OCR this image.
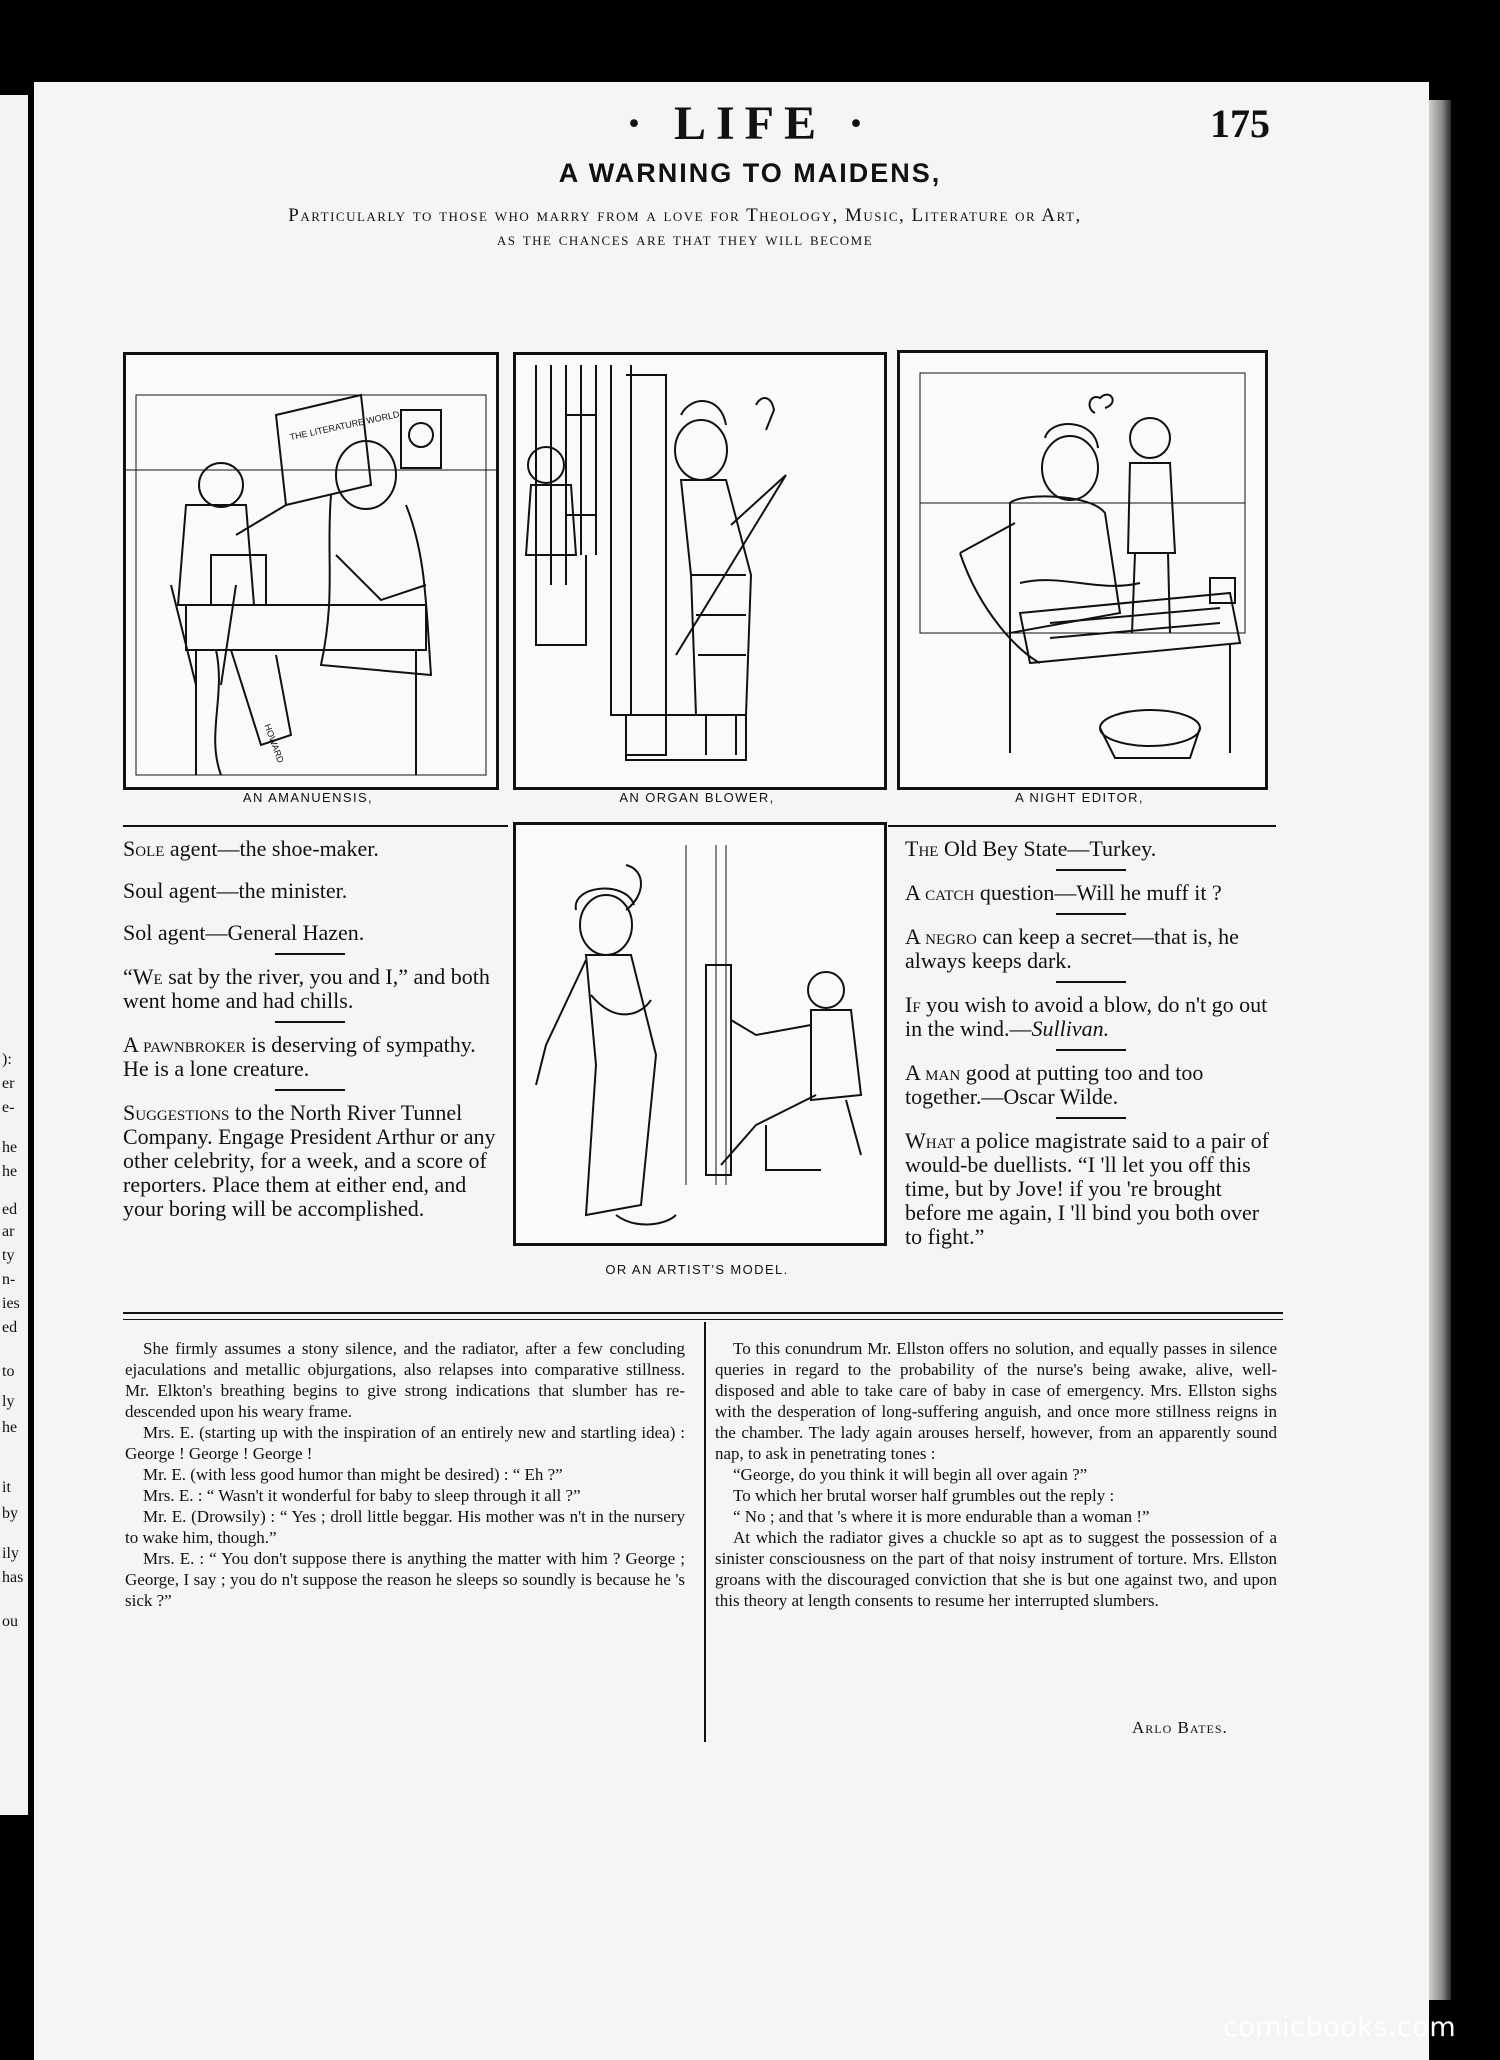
):
er
e-
he
he
ed
ar
ty
n-
ies
ed
to
ly
he
it
by
ily
has
ou
· LIFE ·	175
A WARNING TO MAIDENS,
Particularly to those who marry from a love for Theology, Music, Literature or Art,
as the chances are that they will become
THE LITERATURE WORLD
HOWARD
AN AMANUENSIS,	AN ORGAN BLOWER,	A NIGHT EDITOR,
OR AN ARTIST'S MODEL.

Sole agent—the shoe-maker.

Soul agent—the minister.

Sol agent—General Hazen.

“We sat by the river, you and I,” and both went home and had chills.

A pawnbroker is deserving of sympathy. He is a lone creature.

Suggestions to the North River Tunnel Company. Engage President Arthur or any other celebrity, for a week, and a score of reporters. Place them at either end, and your boring will be accomplished.

The Old Bey State—Turkey.

A catch question—Will he muff it ?

A negro can keep a secret—that is, he always keeps dark.

If you wish to avoid a blow, do n't go out in the wind.—Sullivan.

A man good at putting too and too together.—Oscar Wilde.

What a police magistrate said to a pair of would-be duellists. “I 'll let you off this time, but by Jove! if you 're brought before me again, I 'll bind you both over to fight.”

She firmly assumes a stony silence, and the radiator, after a few concluding ejaculations and metallic objurgations, also relapses into comparative stillness. Mr. Elkton's breathing begins to give strong indications that slumber has re-descended upon his weary frame.

Mrs. E. (starting up with the inspiration of an entirely new and startling idea) : George ! George ! George !

Mr. E. (with less good humor than might be desired) : “ Eh ?”

Mrs. E. : “ Wasn't it wonderful for baby to sleep through it all ?”

Mr. E. (Drowsily) : “ Yes ; droll little beggar. His mother was n't in the nursery to wake him, though.”

Mrs. E. : “ You don't suppose there is anything the matter with him ? George ; George, I say ; you do n't suppose the reason he sleeps so soundly is because he 's sick ?”

To this conundrum Mr. Ellston offers no solution, and equally passes in silence queries in regard to the probability of the nurse's being awake, alive, well-disposed and able to take care of baby in case of emergency. Mrs. Ellston sighs with the desperation of long-suffering anguish, and once more stillness reigns in the chamber. The lady again arouses herself, however, from an apparently sound nap, to ask in penetrating tones :

“George, do you think it will begin all over again ?”

To which her brutal worser half grumbles out the reply :

“ No ; and that 's where it is more endurable than a woman !”

At which the radiator gives a chuckle so apt as to suggest the possession of a sinister consciousness on the part of that noisy instrument of torture. Mrs. Ellston groans with the discouraged conviction that she is but one against two, and upon this theory at length consents to resume her interrupted slumbers.

Arlo Bates.
comicbooks.com
